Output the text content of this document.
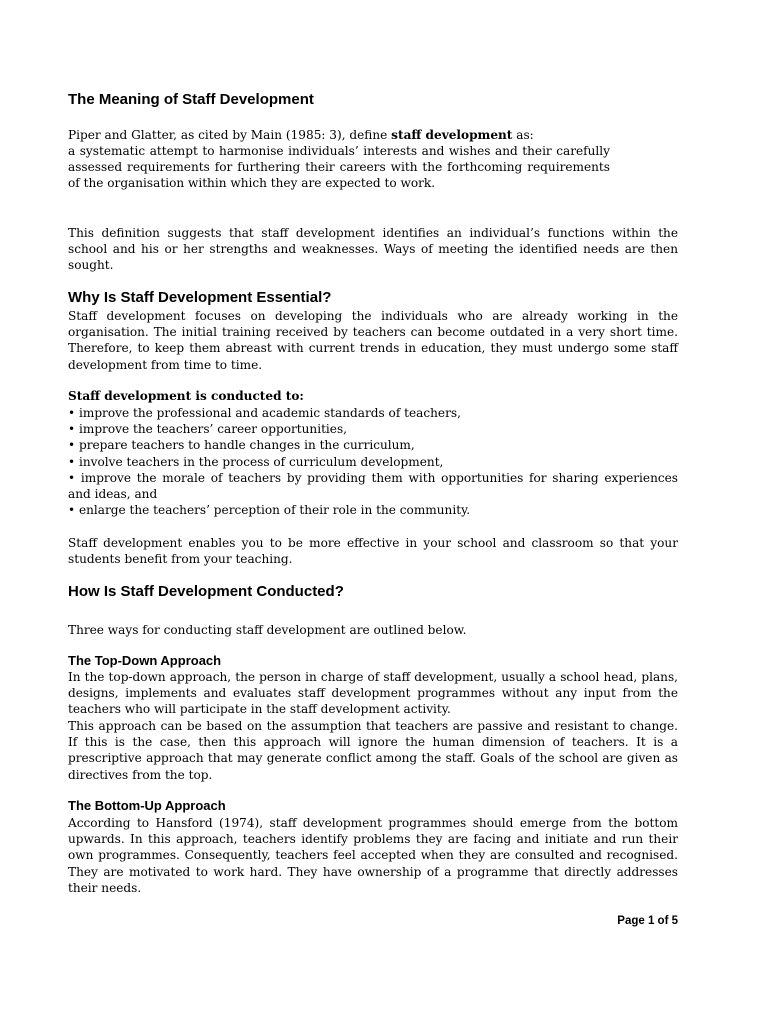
The Meaning of Staff Development

Piper and Glatter, as cited by Main (1985: 3), define staff development as:

a systematic attempt to harmonise individuals’ interests and wishes and their carefully assessed requirements for furthering their careers with the forthcoming requirements of the organisation within which they are expected to work.

This definition suggests that staff development identifies an individual’s functions within the school and his or her strengths and weaknesses. Ways of meeting the identified needs are then sought.

Why Is Staff Development Essential?

Staff development focuses on developing the individuals who are already working in the organisation. The initial training received by teachers can become outdated in a very short time. Therefore, to keep them abreast with current trends in education, they must undergo some staff development from time to time.

Staff development is conducted to:
• improve the professional and academic standards of teachers,
• improve the teachers’ career opportunities,
• prepare teachers to handle changes in the curriculum,
• involve teachers in the process of curriculum development,
• improve the morale of teachers by providing them with opportunities for sharing experiences and ideas, and
• enlarge the teachers’ perception of their role in the community.

Staff development enables you to be more effective in your school and classroom so that your students benefit from your teaching.

How Is Staff Development Conducted?

Three ways for conducting staff development are outlined below.

The Top-Down Approach

In the top-down approach, the person in charge of staff development, usually a school head, plans, designs, implements and evaluates staff development programmes without any input from the teachers who will participate in the staff development activity.

This approach can be based on the assumption that teachers are passive and resistant to change. If this is the case, then this approach will ignore the human dimension of teachers. It is a prescriptive approach that may generate conflict among the staff. Goals of the school are given as directives from the top.

The Bottom-Up Approach

According to Hansford (1974), staff development programmes should emerge from the bottom upwards. In this approach, teachers identify problems they are facing and initiate and run their own programmes. Consequently, teachers feel accepted when they are consulted and recognised. They are motivated to work hard. They have ownership of a programme that directly addresses their needs.

Page 1 of 5
